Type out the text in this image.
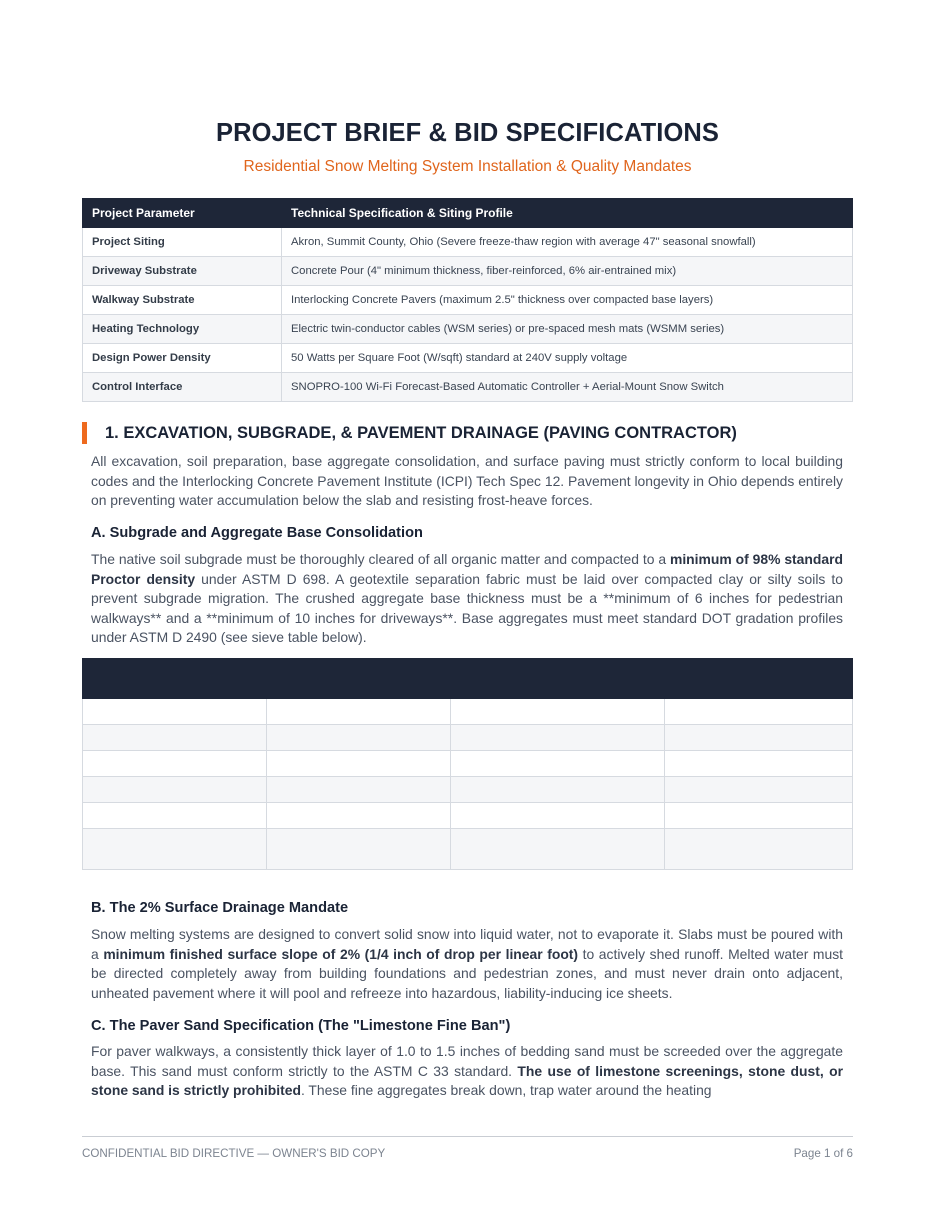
PROJECT BRIEF & BID SPECIFICATIONS
Residential Snow Melting System Installation & Quality Mandates
Project Parameter	Technical Specification & Siting Profile
Project Siting	Akron, Summit County, Ohio (Severe freeze-thaw region with average 47" seasonal snowfall)
Driveway Substrate	Concrete Pour (4" minimum thickness, fiber-reinforced, 6% air-entrained mix)
Walkway Substrate	Interlocking Concrete Pavers (maximum 2.5" thickness over compacted base layers)
Heating Technology	Electric twin-conductor cables (WSM series) or pre-spaced mesh mats (WSMM series)
Design Power Density	50 Watts per Square Foot (W/sqft) standard at 240V supply voltage
Control Interface	SNOPRO-100 Wi-Fi Forecast-Based Automatic Controller + Aerial-Mount Snow Switch
1. EXCAVATION, SUBGRADE, & PAVEMENT DRAINAGE (PAVING CONTRACTOR)

All excavation, soil preparation, base aggregate consolidation, and surface paving must strictly conform to local building codes and the Interlocking Concrete Pavement Institute (ICPI) Tech Spec 12. Pavement longevity in Ohio depends entirely on preventing water accumulation below the slab and resisting frost-heave forces.

A. Subgrade and Aggregate Base Consolidation

The native soil subgrade must be thoroughly cleared of all organic matter and compacted to a minimum of 98% standard Proctor density under ASTM D 698. A geotextile separation fabric must be laid over compacted clay or silty soils to prevent subgrade migration. The crushed aggregate base thickness must be a **minimum of 6 inches for pedestrian walkways** and a **minimum of 10 inches for driveways**. Base aggregates must meet standard DOT gradation profiles under ASTM D 2490 (see sieve table below).

B. The 2% Surface Drainage Mandate

Snow melting systems are designed to convert solid snow into liquid water, not to evaporate it. Slabs must be poured with a minimum finished surface slope of 2% (1/4 inch of drop per linear foot) to actively shed runoff. Melted water must be directed completely away from building foundations and pedestrian zones, and must never drain onto adjacent, unheated pavement where it will pool and refreeze into hazardous, liability-inducing ice sheets.

C. The Paver Sand Specification (The "Limestone Fine Ban")

For paver walkways, a consistently thick layer of 1.0 to 1.5 inches of bedding sand must be screeded over the aggregate base. This sand must conform strictly to the ASTM C 33 standard. The use of limestone screenings, stone dust, or stone sand is strictly prohibited. These fine aggregates break down, trap water around the heating

CONFIDENTIAL BID DIRECTIVE — OWNER'S BID COPY	Page 1 of 6
